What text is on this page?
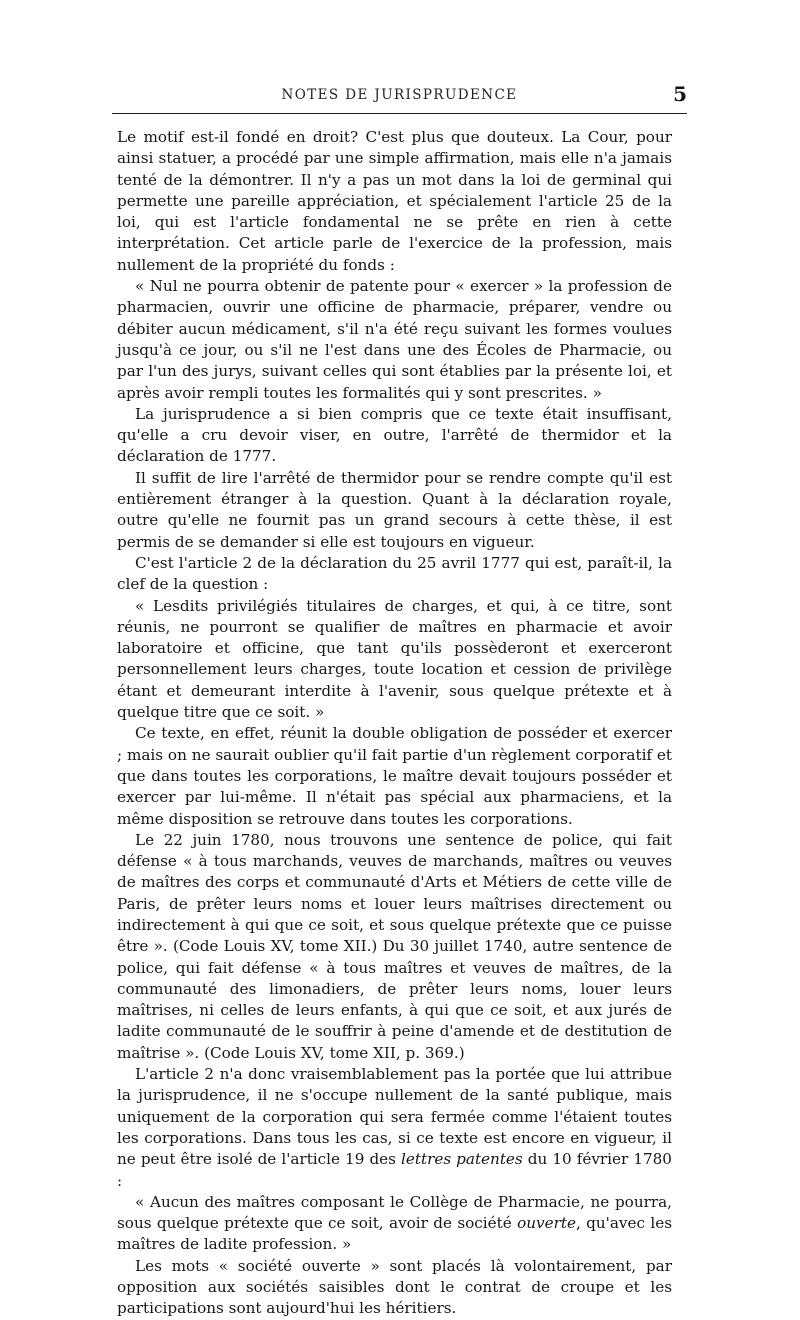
NOTES DE JURISPRUDENCE	5

Le motif est-il fondé en droit? C'est plus que douteux. La Cour, pour ainsi statuer, a procédé par une simple affirmation, mais elle n'a jamais tenté de la démontrer. Il n'y a pas un mot dans la loi de germinal qui permette une pareille appréciation, et spécialement l'article 25 de la loi, qui est l'article fondamental ne se prête en rien à cette interprétation. Cet article parle de l'exercice de la profession, mais nullement de la propriété du fonds :

« Nul ne pourra obtenir de patente pour « exercer » la profession de pharmacien, ouvrir une officine de pharmacie, préparer, vendre ou débiter aucun médicament, s'il n'a été reçu suivant les formes voulues jusqu'à ce jour, ou s'il ne l'est dans une des Écoles de Pharmacie, ou par l'un des jurys, suivant celles qui sont établies par la présente loi, et après avoir rempli toutes les formalités qui y sont prescrites. »

La jurisprudence a si bien compris que ce texte était insuffisant, qu'elle a cru devoir viser, en outre, l'arrêté de thermidor et la déclaration de 1777.

Il suffit de lire l'arrêté de thermidor pour se rendre compte qu'il est entièrement étranger à la question. Quant à la déclaration royale, outre qu'elle ne fournit pas un grand secours à cette thèse, il est permis de se demander si elle est toujours en vigueur.

C'est l'article 2 de la déclaration du 25 avril 1777 qui est, paraît-il, la clef de la question :

« Lesdits privilégiés titulaires de charges, et qui, à ce titre, sont réunis, ne pourront se qualifier de maîtres en pharmacie et avoir laboratoire et officine, que tant qu'ils possèderont et exerceront personnellement leurs charges, toute location et cession de privilège étant et demeurant interdite à l'avenir, sous quelque prétexte et à quelque titre que ce soit. »

Ce texte, en effet, réunit la double obligation de posséder et exercer ; mais on ne saurait oublier qu'il fait partie d'un règlement corporatif et que dans toutes les corporations, le maître devait toujours posséder et exercer par lui-même. Il n'était pas spécial aux pharmaciens, et la même disposition se retrouve dans toutes les corporations.

Le 22 juin 1780, nous trouvons une sentence de police, qui fait défense « à tous marchands, veuves de marchands, maîtres ou veuves de maîtres des corps et communauté d'Arts et Métiers de cette ville de Paris, de prêter leurs noms et louer leurs maîtrises directement ou indirectement à qui que ce soit, et sous quelque prétexte que ce puisse être ». (Code Louis XV, tome XII.) Du 30 juillet 1740, autre sentence de police, qui fait défense « à tous maîtres et veuves de maîtres, de la communauté des limonadiers, de prêter leurs noms, louer leurs maîtrises, ni celles de leurs enfants, à qui que ce soit, et aux jurés de ladite communauté de le souffrir à peine d'amende et de destitution de maîtrise ». (Code Louis XV, tome XII, p. 369.)

L'article 2 n'a donc vraisemblablement pas la portée que lui attribue la jurisprudence, il ne s'occupe nullement de la santé publique, mais uniquement de la corporation qui sera fermée comme l'étaient toutes les corporations. Dans tous les cas, si ce texte est encore en vigueur, il ne peut être isolé de l'article 19 des lettres patentes du 10 février 1780 :

« Aucun des maîtres composant le Collège de Pharmacie, ne pourra, sous quelque prétexte que ce soit, avoir de société ouverte, qu'avec les maîtres de ladite profession. »

Les mots « société ouverte » sont placés là volontairement, par opposition aux sociétés saisibles dont le contrat de croupe et les participations sont aujourd'hui les héritiers.
